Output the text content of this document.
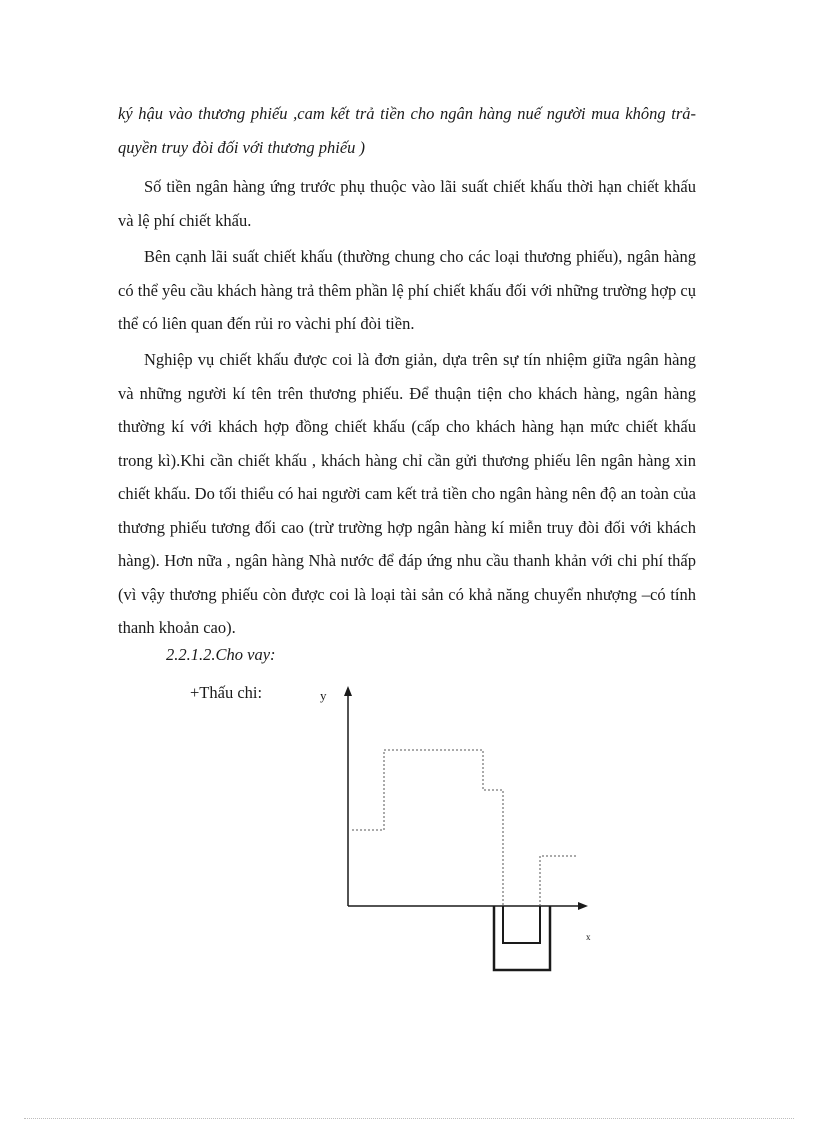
ký hậu vào thương phiếu ,cam kết trả tiền cho ngân hàng nuế người mua không trả-quyền truy đòi đối với thương phiếu )

Số tiền ngân hàng ứng trước phụ thuộc vào lãi suất chiết khấu thời hạn chiết khấu và lệ phí chiết khấu.

Bên cạnh lãi suất chiết khấu (thường chung cho các loại thương phiếu), ngân hàng có thể yêu cầu khách hàng trả thêm phần lệ phí chiết khấu đối với những trường hợp cụ thể có liên quan đến rủi ro vàchi phí đòi tiền.

Nghiệp vụ chiết khấu được coi là đơn giản, dựa trên sự tín nhiệm giữa ngân hàng và những người kí tên trên thương phiếu. Để thuận tiện cho khách hàng, ngân hàng thường kí với khách hợp đồng chiết khấu (cấp cho khách hàng hạn mức chiết khấu trong kì).Khi cần chiết khấu , khách hàng chỉ cần gửi thương phiếu lên ngân hàng xin chiết khấu. Do tối thiểu có hai người cam kết trả tiền cho ngân hàng nên độ an toàn của thương phiếu tương đối cao (trừ trường hợp ngân hàng kí miễn truy đòi đối với khách hàng). Hơn nữa , ngân hàng Nhà nước để đáp ứng nhu cầu thanh khản với chi phí thấp (vì vậy thương phiếu còn được coi là loại tài sản có khả năng chuyển nhượng –có tính thanh khoản cao).

2.2.1.2.Cho vay:

+Thấu chi:	y
x
